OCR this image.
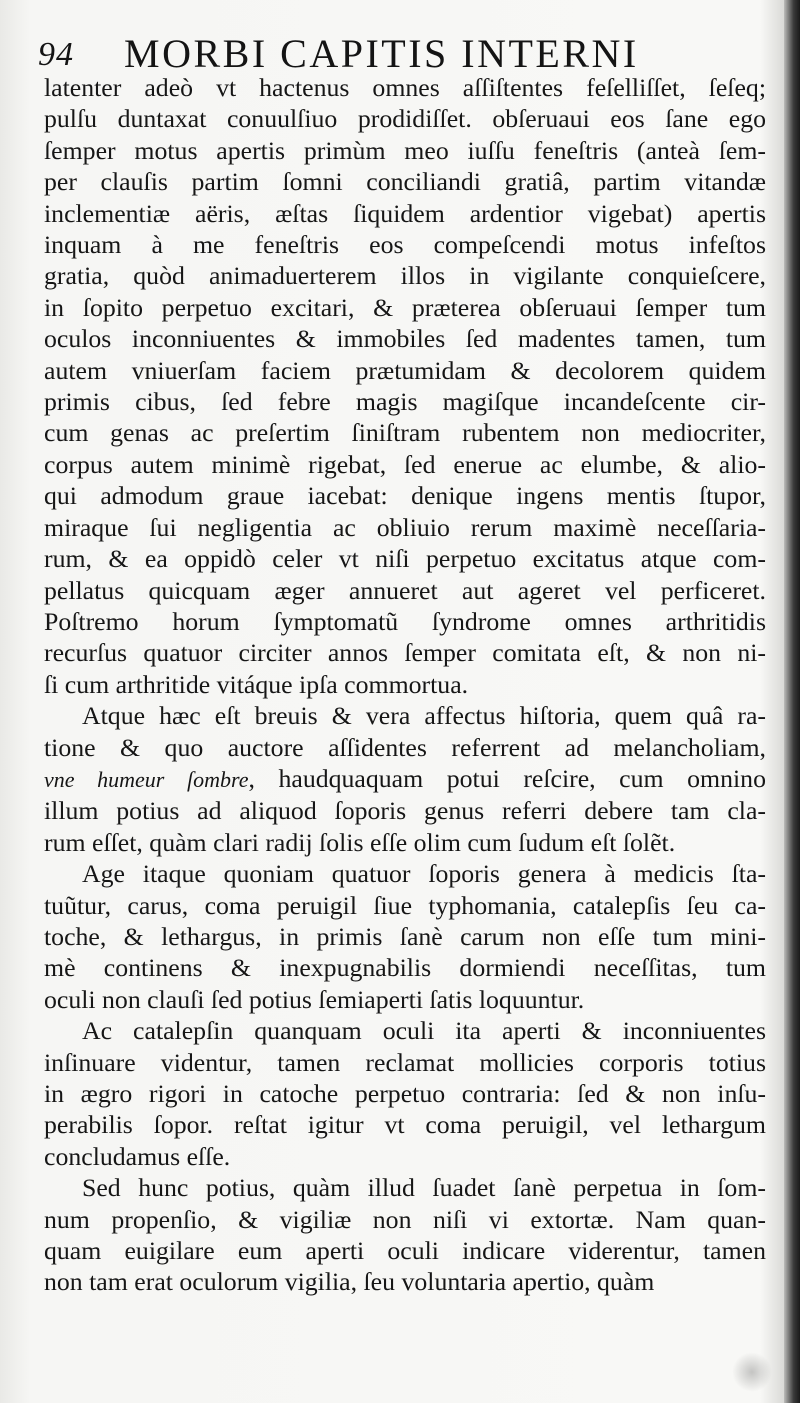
94 MORBI CAPITIS INTERNI
latenter adeò vt hactenus omnes aſſiſtentes feſelliſſet, ſeſeq;
pulſu duntaxat conuulſiuo prodidiſſet. obſeruaui eos ſane ego
ſemper motus apertis primùm meo iuſſu feneſtris (anteà ſem-
per clauſis partim ſomni conciliandi gratiâ, partim vitandæ
inclementiæ aëris, æſtas ſiquidem ardentior vigebat) apertis
inquam à me feneſtris eos compeſcendi motus infeſtos
gratia, quòd animaduerterem illos in vigilante conquieſcere,
in ſopito perpetuo excitari, & præterea obſeruaui ſemper tum
oculos inconniuentes & immobiles ſed madentes tamen, tum
autem vniuerſam faciem prætumidam & decolorem quidem
primis cibus, ſed febre magis magiſque incandeſcente cir-
cum genas ac preſertim ſiniſtram rubentem non mediocriter,
corpus autem minimè rigebat, ſed enerue ac elumbe, & alio-
qui admodum graue iacebat: denique ingens mentis ſtupor,
miraque ſui negligentia ac obliuio rerum maximè neceſſaria-
rum, & ea oppidò celer vt niſi perpetuo excitatus atque com-
pellatus quicquam æger annueret aut ageret vel perficeret.
Poſtremo horum ſymptomatũ ſyndrome omnes arthritidis
recurſus quatuor circiter annos ſemper comitata eſt, & non ni-
ſi cum arthritide vitáque ipſa commortua.
Atque hæc eſt breuis & vera affectus hiſtoria, quem quâ ra-
tione & quo auctore aſſidentes referrent ad melancholiam,
vne humeur ſombre, haudquaquam potui reſcire, cum omnino
illum potius ad aliquod ſoporis genus referri debere tam cla-
rum eſſet, quàm clari radij ſolis eſſe olim cum ſudum eſt ſolẽt.
Age itaque quoniam quatuor ſoporis genera à medicis ſta-
tuũtur, carus, coma peruigil ſiue typhomania, catalepſis ſeu ca-
toche, & lethargus, in primis ſanè carum non eſſe tum mini-
mè continens & inexpugnabilis dormiendi neceſſitas, tum
oculi non clauſi ſed potius ſemiaperti ſatis loquuntur.
Ac catalepſin quanquam oculi ita aperti & inconniuentes
inſinuare videntur, tamen reclamat mollicies corporis totius
in ægro rigori in catoche perpetuo contraria: ſed & non inſu-
perabilis ſopor. reſtat igitur vt coma peruigil, vel lethargum
concludamus eſſe.
Sed hunc potius, quàm illud ſuadet ſanè perpetua in ſom-
num propenſio, & vigiliæ non niſi vi extortæ. Nam quan-
quam euigilare eum aperti oculi indicare viderentur, tamen
non tam erat oculorum vigilia, ſeu voluntaria apertio, quàm
